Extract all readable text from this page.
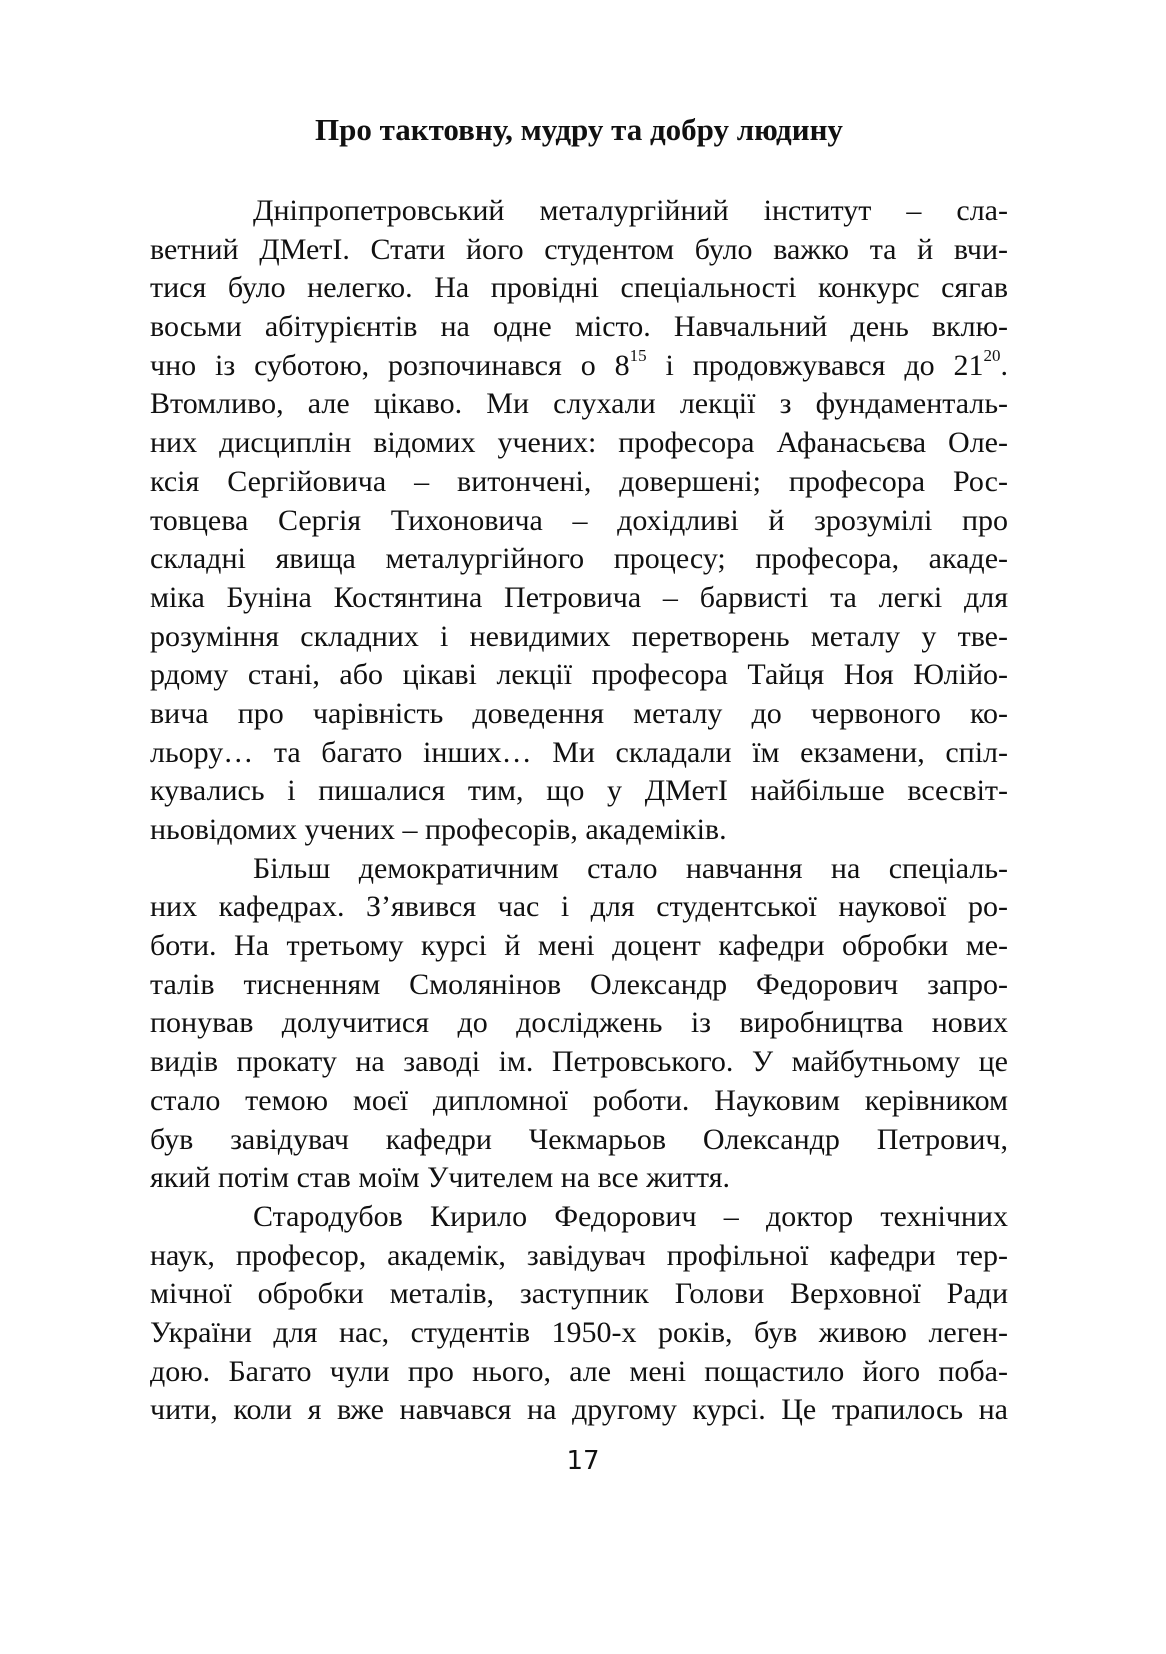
Про тактовну, мудру та добру людину
Дніпропетровський металургійний інститут – сла-
ветний ДМетІ. Стати його студентом було важко та й вчи-
тися було нелегко. На провідні спеціальності конкурс сягав
восьми абітурієнтів на одне місто. Навчальний день вклю-
чно із суботою, розпочинався о $8^{15}$ і продовжувався до $21^{20}$.
Втомливо, але цікаво. Ми слухали лекції з фундаменталь-
них дисциплін відомих учених: професора Афанасьєва Оле-
ксія Сергійовича – витончені, довершені; професора Рос-
товцева Сергія Тихоновича – дохідливі й зрозумілі про
складні явища металургійного процесу; професора, акаде-
міка Буніна Костянтина Петровича – барвисті та легкі для
розуміння складних і невидимих перетворень металу у тве-
рдому стані, або цікаві лекції професора Тайця Ноя Юлійо-
вича про чарівність доведення металу до червоного ко-
льору… та багато інших… Ми складали їм екзамени, спіл-
кувались і пишалися тим, що у ДМетІ найбільше всесвіт-
ньовідомих учених – професорів, академіків.
Більш демократичним стало навчання на спеціаль-
них кафедрах. З’явився час і для студентської наукової ро-
боти. На третьому курсі й мені доцент кафедри обробки ме-
талів тисненням Смолянінов Олександр Федорович запро-
понував долучитися до досліджень із виробництва нових
видів прокату на заводі ім. Петровського. У майбутньому це
стало темою моєї дипломної роботи. Науковим керівником
був завідувач кафедри Чекмарьов Олександр Петрович,
який потім став моїм Учителем на все життя.
Стародубов Кирило Федорович – доктор технічних
наук, професор, академік, завідувач профільної кафедри тер-
мічної обробки металів, заступник Голови Верховної Ради
України для нас, студентів 1950-х років, був живою леген-
дою. Багато чули про нього, але мені пощастило його поба-
чити, коли я вже навчався на другому курсі. Це трапилось на
17
